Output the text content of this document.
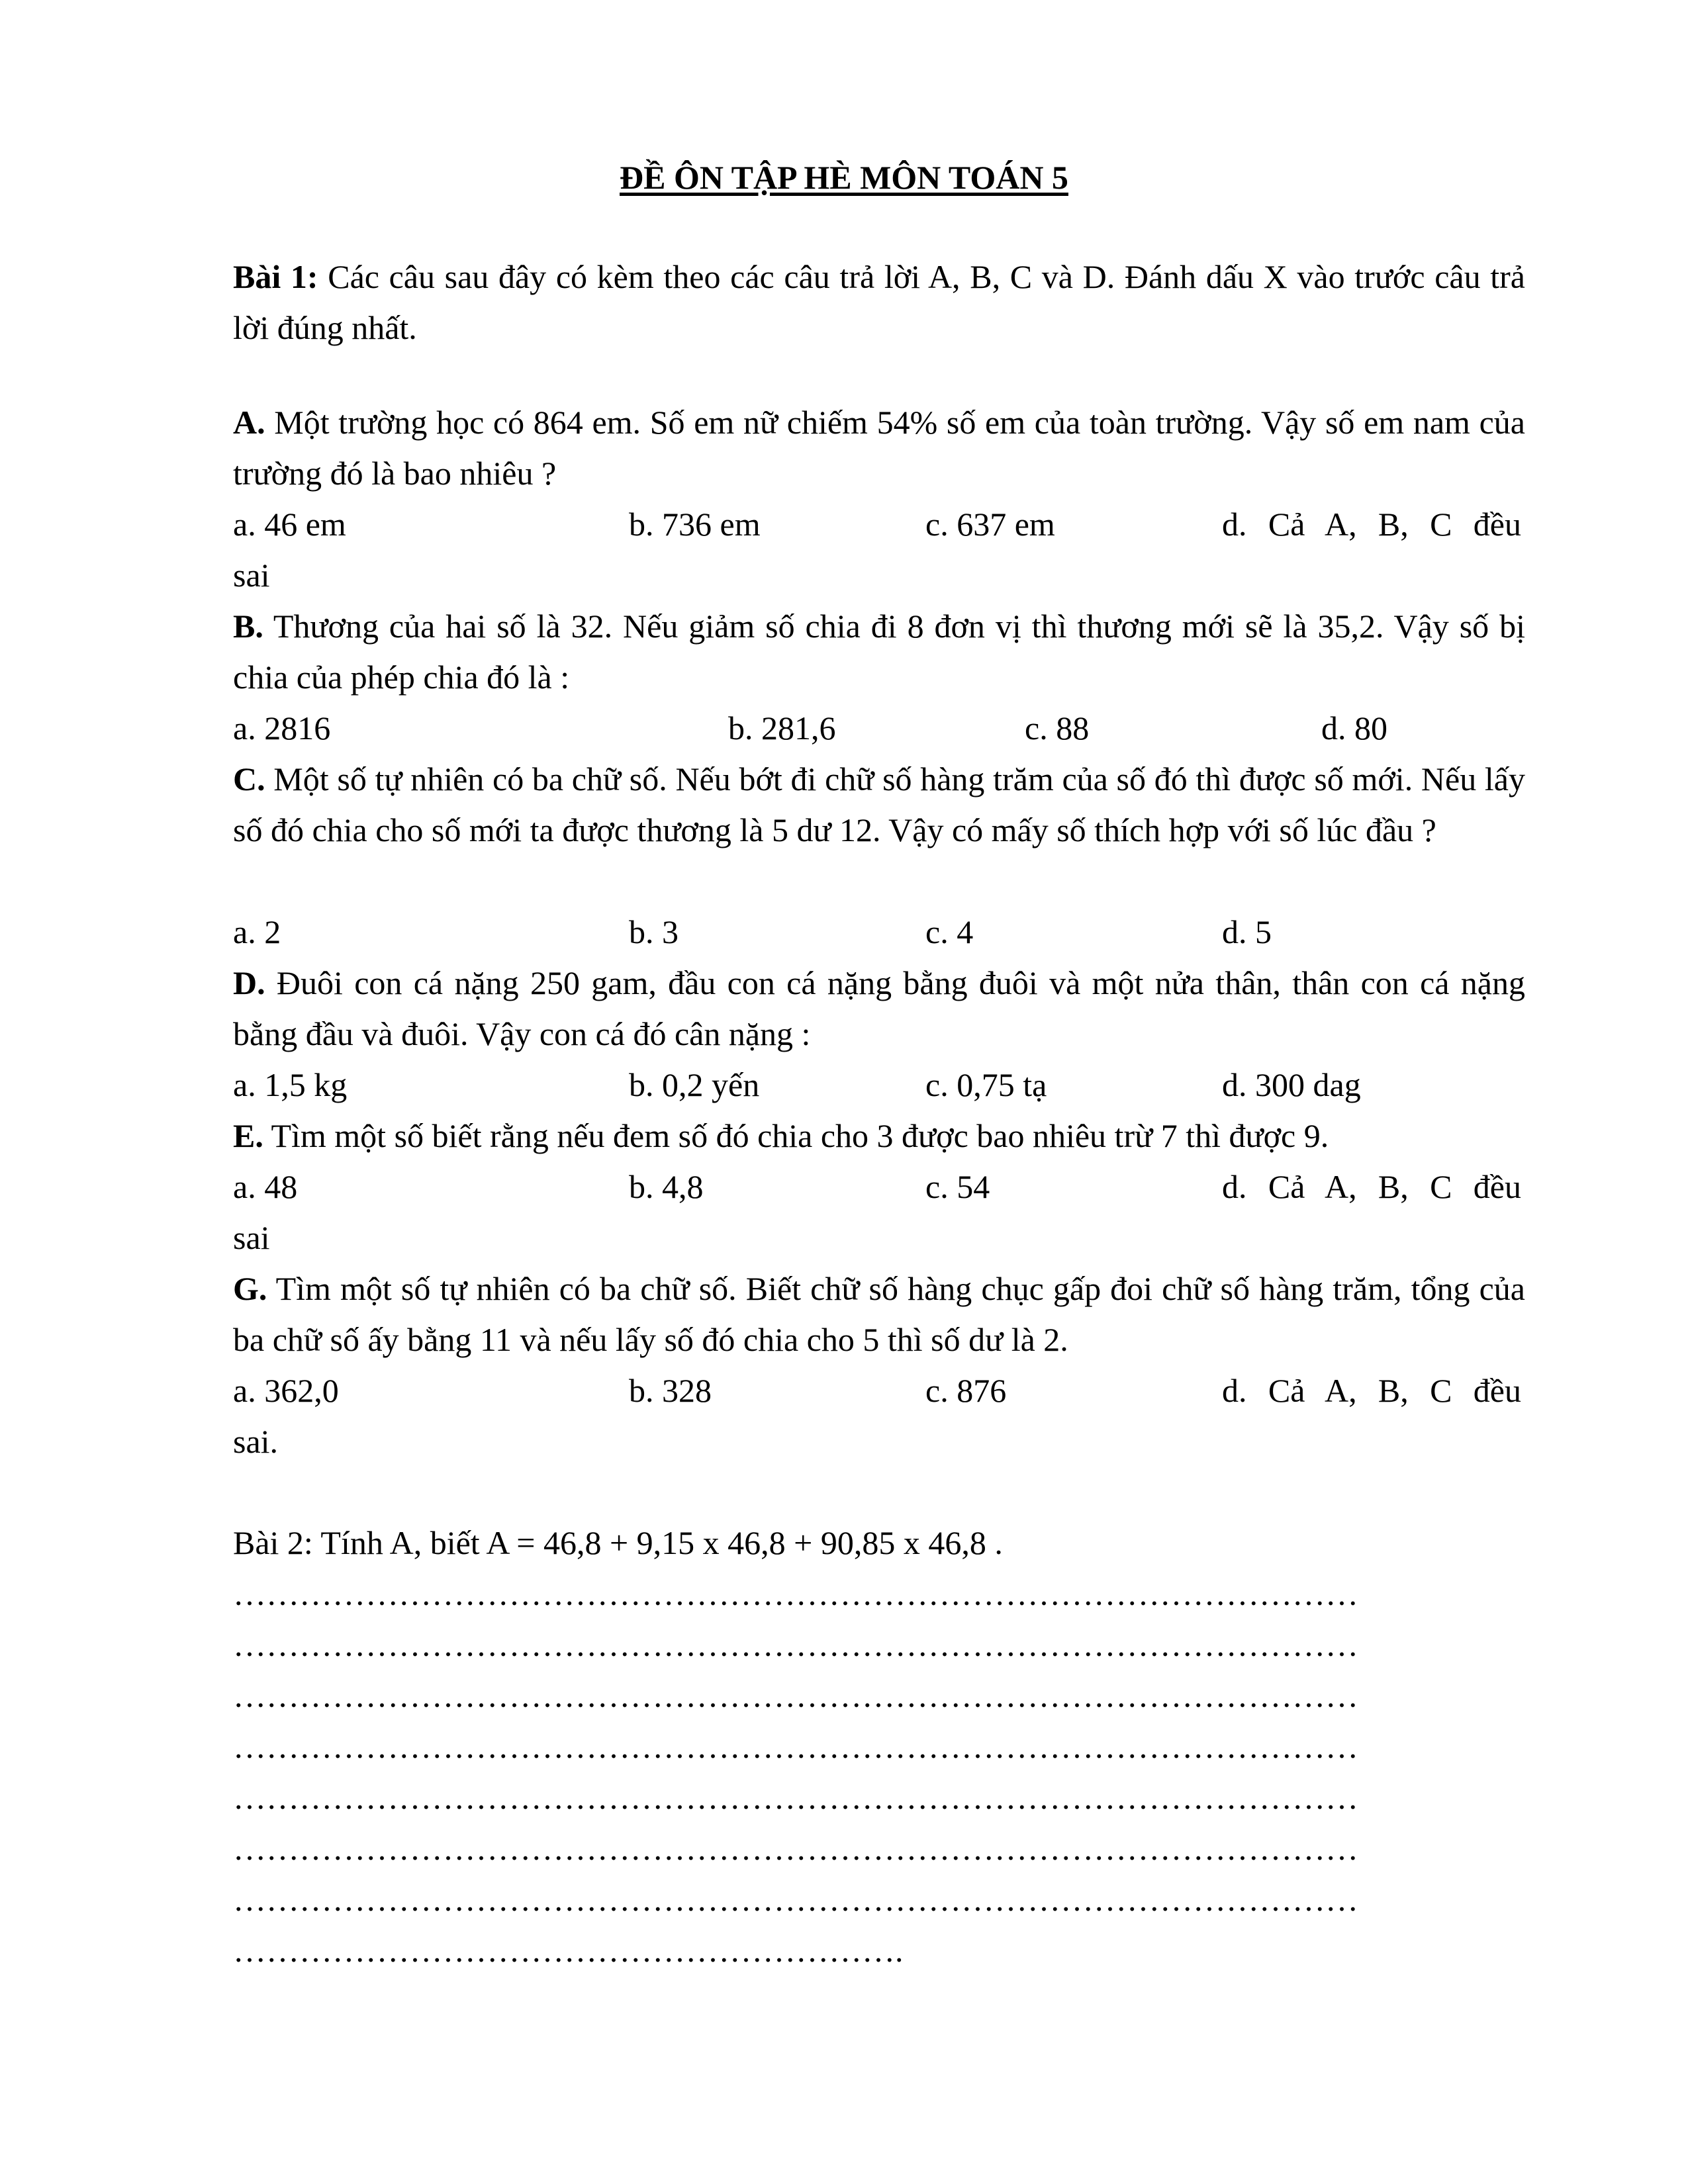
ĐỀ ÔN TẬP HÈ MÔN TOÁN 5
Bài 1: Các câu sau đây có kèm theo các câu trả lời A, B, C và D. Đánh dấu X vào trước câu trả lời đúng nhất.
A. Một trường học có 864 em. Số em nữ chiếm 54% số em của toàn trường. Vậy số em nam của trường đó là bao nhiêu ?
a. 46 em	b. 736 em	c. 637 em	d. Cả A, B, C đều
sai
B. Thương của hai số là 32. Nếu giảm số chia đi 8 đơn vị thì thương mới sẽ là 35,2. Vậy số bị chia của phép chia đó là :
a. 2816	b. 281,6	c. 88	d. 80
C. Một số tự nhiên có ba chữ số. Nếu bớt đi chữ số hàng trăm của số đó thì được số mới. Nếu lấy số đó chia cho số mới ta được thương là 5 dư 12. Vậy có mấy số thích hợp với số lúc đầu ?
a. 2	b. 3	c. 4	d. 5
D. Đuôi con cá nặng 250 gam, đầu con cá nặng bằng đuôi và một nửa thân, thân con cá nặng bằng đầu và đuôi. Vậy con cá đó cân nặng :
a. 1,5 kg	b. 0,2 yến	c. 0,75 tạ	d. 300 dag
E. Tìm một số biết rằng nếu đem số đó chia cho 3 được bao nhiêu trừ 7 thì được 9.
a. 48	b. 4,8	c. 54	d. Cả A, B, C đều
sai
G. Tìm một số tự nhiên có ba chữ số. Biết chữ số hàng chục gấp đoi chữ số hàng trăm, tổng của ba chữ số ấy bằng 11 và nếu lấy số đó chia cho 5 thì số dư là 2.
a. 362,0	b. 328	c. 876	d. Cả A, B, C đều
sai.
Bài 2: Tính A, biết A = 46,8 + 9,15 x 46,8 + 90,85 x 46,8 .
…………………………………………………………………………………………
…………………………………………………………………………………………
…………………………………………………………………………………………
…………………………………………………………………………………………
…………………………………………………………………………………………
…………………………………………………………………………………………
…………………………………………………………………………………………
…………………………………………………….
